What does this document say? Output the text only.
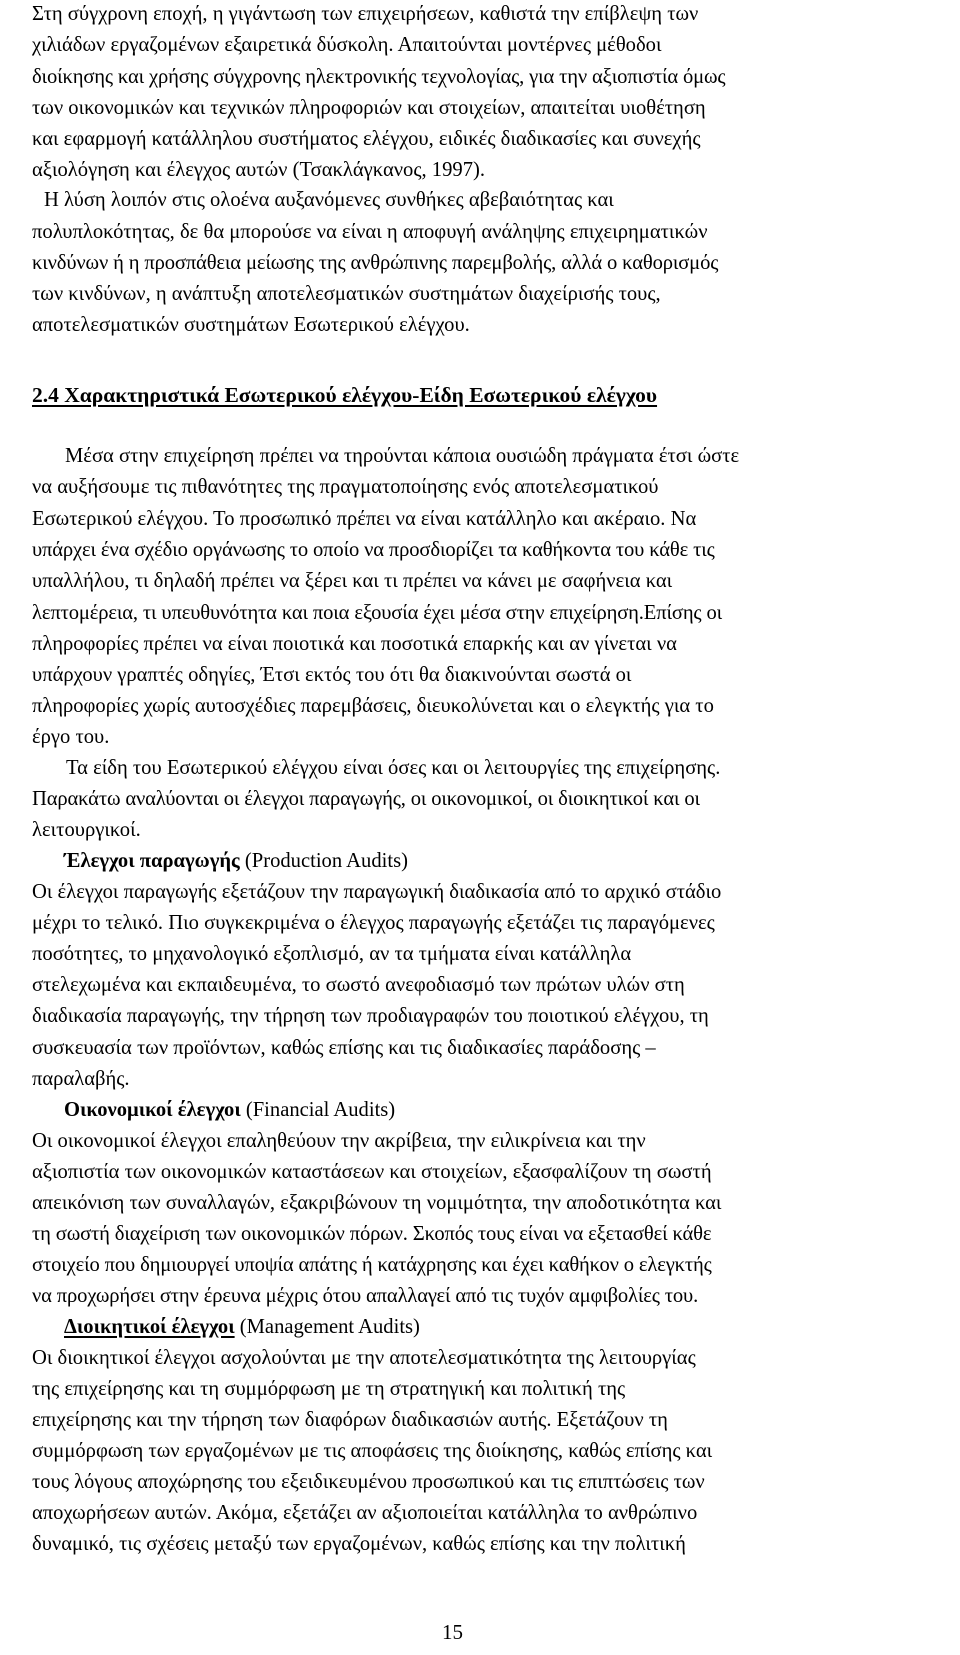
Στη σύγχρονη εποχή, η γιγάντωση των επιχειρήσεων, καθιστά την επίβλεψη των
χιλιάδων εργαζομένων εξαιρετικά δύσκολη. Απαιτούνται μοντέρνες μέθοδοι
διοίκησης και χρήσης σύγχρονης ηλεκτρονικής τεχνολογίας, για την αξιοπιστία όμως
των οικονομικών και τεχνικών πληροφοριών και στοιχείων, απαιτείται υιοθέτηση
και εφαρμογή κατάλληλου συστήματος ελέγχου, ειδικές διαδικασίες και συνεχής
αξιολόγηση και έλεγχος αυτών (Τσακλάγκανος, 1997).
Η λύση λοιπόν στις ολοένα αυξανόμενες συνθήκες αβεβαιότητας και
πολυπλοκότητας, δε θα μπορούσε να είναι η αποφυγή ανάληψης επιχειρηματικών
κινδύνων ή η προσπάθεια μείωσης της ανθρώπινης παρεμβολής, αλλά ο καθορισμός
των κινδύνων, η ανάπτυξη αποτελεσματικών συστημάτων διαχείρισής τους,
αποτελεσματικών συστημάτων Εσωτερικού ελέγχου.
2.4 Χαρακτηριστικά Εσωτερικού ελέγχου-Είδη Εσωτερικού ελέγχου
Μέσα στην επιχείρηση πρέπει να τηρούνται κάποια ουσιώδη πράγματα έτσι ώστε
να αυξήσουμε τις πιθανότητες της πραγματοποίησης ενός αποτελεσματικού
Εσωτερικού ελέγχου. Το προσωπικό πρέπει να είναι κατάλληλο και ακέραιο. Να
υπάρχει ένα σχέδιο οργάνωσης το οποίο να προσδιορίζει τα καθήκοντα του κάθε τις
υπαλλήλου, τι δηλαδή πρέπει να ξέρει και τι πρέπει να κάνει με σαφήνεια και
λεπτομέρεια, τι υπευθυνότητα και ποια εξουσία έχει μέσα στην επιχείρηση.Επίσης οι
πληροφορίες πρέπει να είναι ποιοτικά και ποσοτικά επαρκής και αν γίνεται να
υπάρχουν γραπτές οδηγίες, Έτσι εκτός του ότι θα διακινούνται σωστά οι
πληροφορίες χωρίς αυτοσχέδιες παρεμβάσεις, διευκολύνεται και ο ελεγκτής για το
έργο του.
Τα είδη του Εσωτερικού ελέγχου είναι όσες και οι λειτουργίες της επιχείρησης.
Παρακάτω αναλύονται οι έλεγχοι παραγωγής, οι οικονομικοί, οι διοικητικοί και οι
λειτουργικοί.
Έλεγχοι παραγωγής (Production Audits)
Οι έλεγχοι παραγωγής εξετάζουν την παραγωγική διαδικασία από το αρχικό στάδιο
μέχρι το τελικό. Πιο συγκεκριμένα ο έλεγχος παραγωγής εξετάζει τις παραγόμενες
ποσότητες, το μηχανολογικό εξοπλισμό, αν τα τμήματα είναι κατάλληλα
στελεχωμένα και εκπαιδευμένα, το σωστό ανεφοδιασμό των πρώτων υλών στη
διαδικασία παραγωγής, την τήρηση των προδιαγραφών του ποιοτικού ελέγχου, τη
συσκευασία των προϊόντων, καθώς επίσης και τις διαδικασίες παράδοσης –
παραλαβής.
Οικονομικοί έλεγχοι (Financial Audits)
Οι οικονομικοί έλεγχοι επαληθεύουν την ακρίβεια, την ειλικρίνεια και την
αξιοπιστία των οικονομικών καταστάσεων και στοιχείων, εξασφαλίζουν τη σωστή
απεικόνιση των συναλλαγών, εξακριβώνουν τη νομιμότητα, την αποδοτικότητα και
τη σωστή διαχείριση των οικονομικών πόρων. Σκοπός τους είναι να εξετασθεί κάθε
στοιχείο που δημιουργεί υποψία απάτης ή κατάχρησης και έχει καθήκον ο ελεγκτής
να προχωρήσει στην έρευνα μέχρις ότου απαλλαγεί από τις τυχόν αμφιβολίες του.
Διοικητικοί έλεγχοι (Management Audits)
Οι διοικητικοί έλεγχοι ασχολούνται με την αποτελεσματικότητα της λειτουργίας
της επιχείρησης και τη συμμόρφωση με τη στρατηγική και πολιτική της
επιχείρησης και την τήρηση των διαφόρων διαδικασιών αυτής. Εξετάζουν τη
συμμόρφωση των εργαζομένων με τις αποφάσεις της διοίκησης, καθώς επίσης και
τους λόγους αποχώρησης του εξειδικευμένου προσωπικού και τις επιπτώσεις των
αποχωρήσεων αυτών. Ακόμα, εξετάζει αν αξιοποιείται κατάλληλα το ανθρώπινο
δυναμικό, τις σχέσεις μεταξύ των εργαζομένων, καθώς επίσης και την πολιτική
15
